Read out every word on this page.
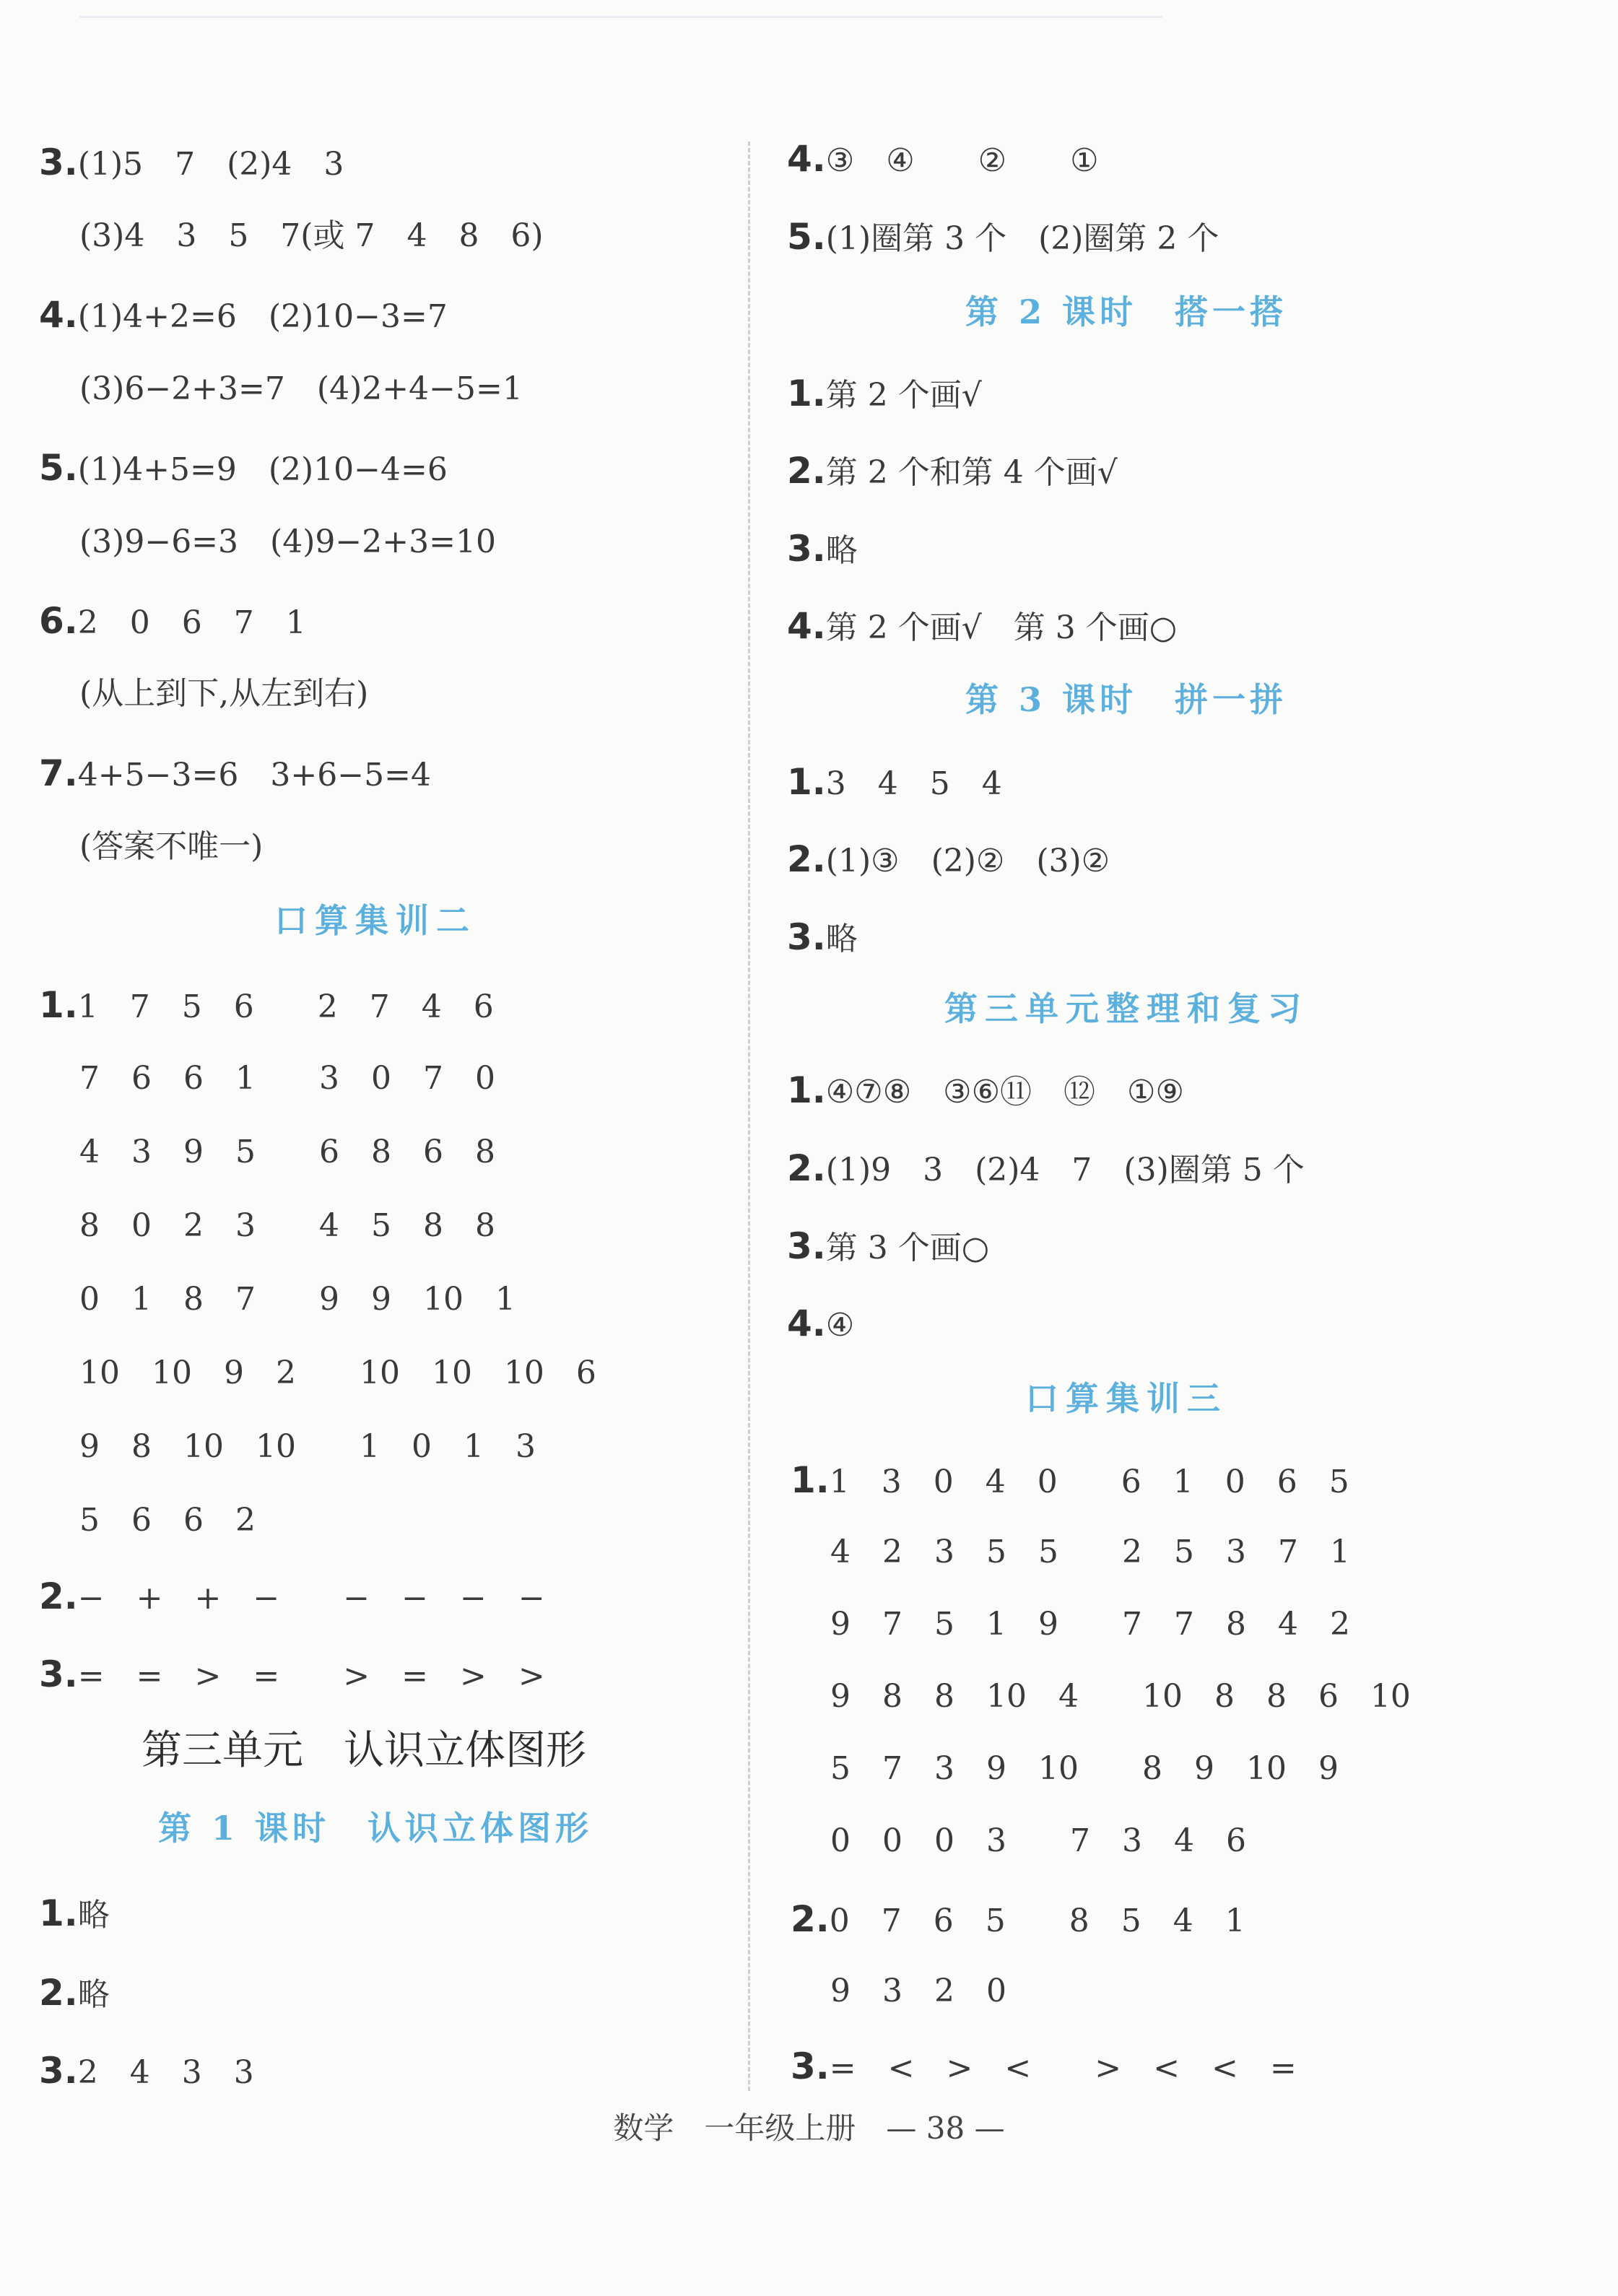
3.(1)5　7　(2)4　3
(3)4　3　5　7(或 7　4　8　6)
4.(1)4+2=6　(2)10−3=7
(3)6−2+3=7　(4)2+4−5=1
5.(1)4+5=9　(2)10−4=6
(3)9−6=3　(4)9−2+3=10
6.2　0　6　7　1
(从上到下,从左到右)
7.4+5−3=6　3+6−5=4
(答案不唯一)
口算集训二
1.1　7　5　6　　2　7　4　6
7　6　6　1　　3　0　7　0
4　3　9　5　　6　8　6　8
8　0　2　3　　4　5　8　8
0　1　8　7　　9　9　10　1
10　10　9　2　　10　10　10　6
9　8　10　10　　1　0　1　3
5　6　6　2
2.−　+　+　−　　−　−　−　−
3.=　=　>　=　　>　=　>　>
第三单元　认识立体图形
第 1 课时　认识立体图形
1.略
2.略
3.2　4　3　3
4.③　④　　②　　①
5.(1)圈第 3 个　(2)圈第 2 个
第 2 课时　搭一搭
1.第 2 个画√
2.第 2 个和第 4 个画√
3.略
4.第 2 个画√　第 3 个画○
第 3 课时　拼一拼
1.3　4　5　4
2.(1)③　(2)②　(3)②
3.略
第三单元整理和复习
1.④⑦⑧　③⑥⑪　⑫　①⑨
2.(1)9　3　(2)4　7　(3)圈第 5 个
3.第 3 个画○
4.④
口算集训三
1.1　3　0　4　0　　6　1　0　6　5
4　2　3　5　5　　2　5　3　7　1
9　7　5　1　9　　7　7　8　4　2
9　8　8　10　4　　10　8　8　6　10
5　7　3　9　10　　8　9　10　9
0　0　0　3　　7　3　4　6
2.0　7　6　5　　8　5　4　1
9　3　2　0
3.=　<　>　<　　>　<　<　=
数学　一年级上册　— 38 —
